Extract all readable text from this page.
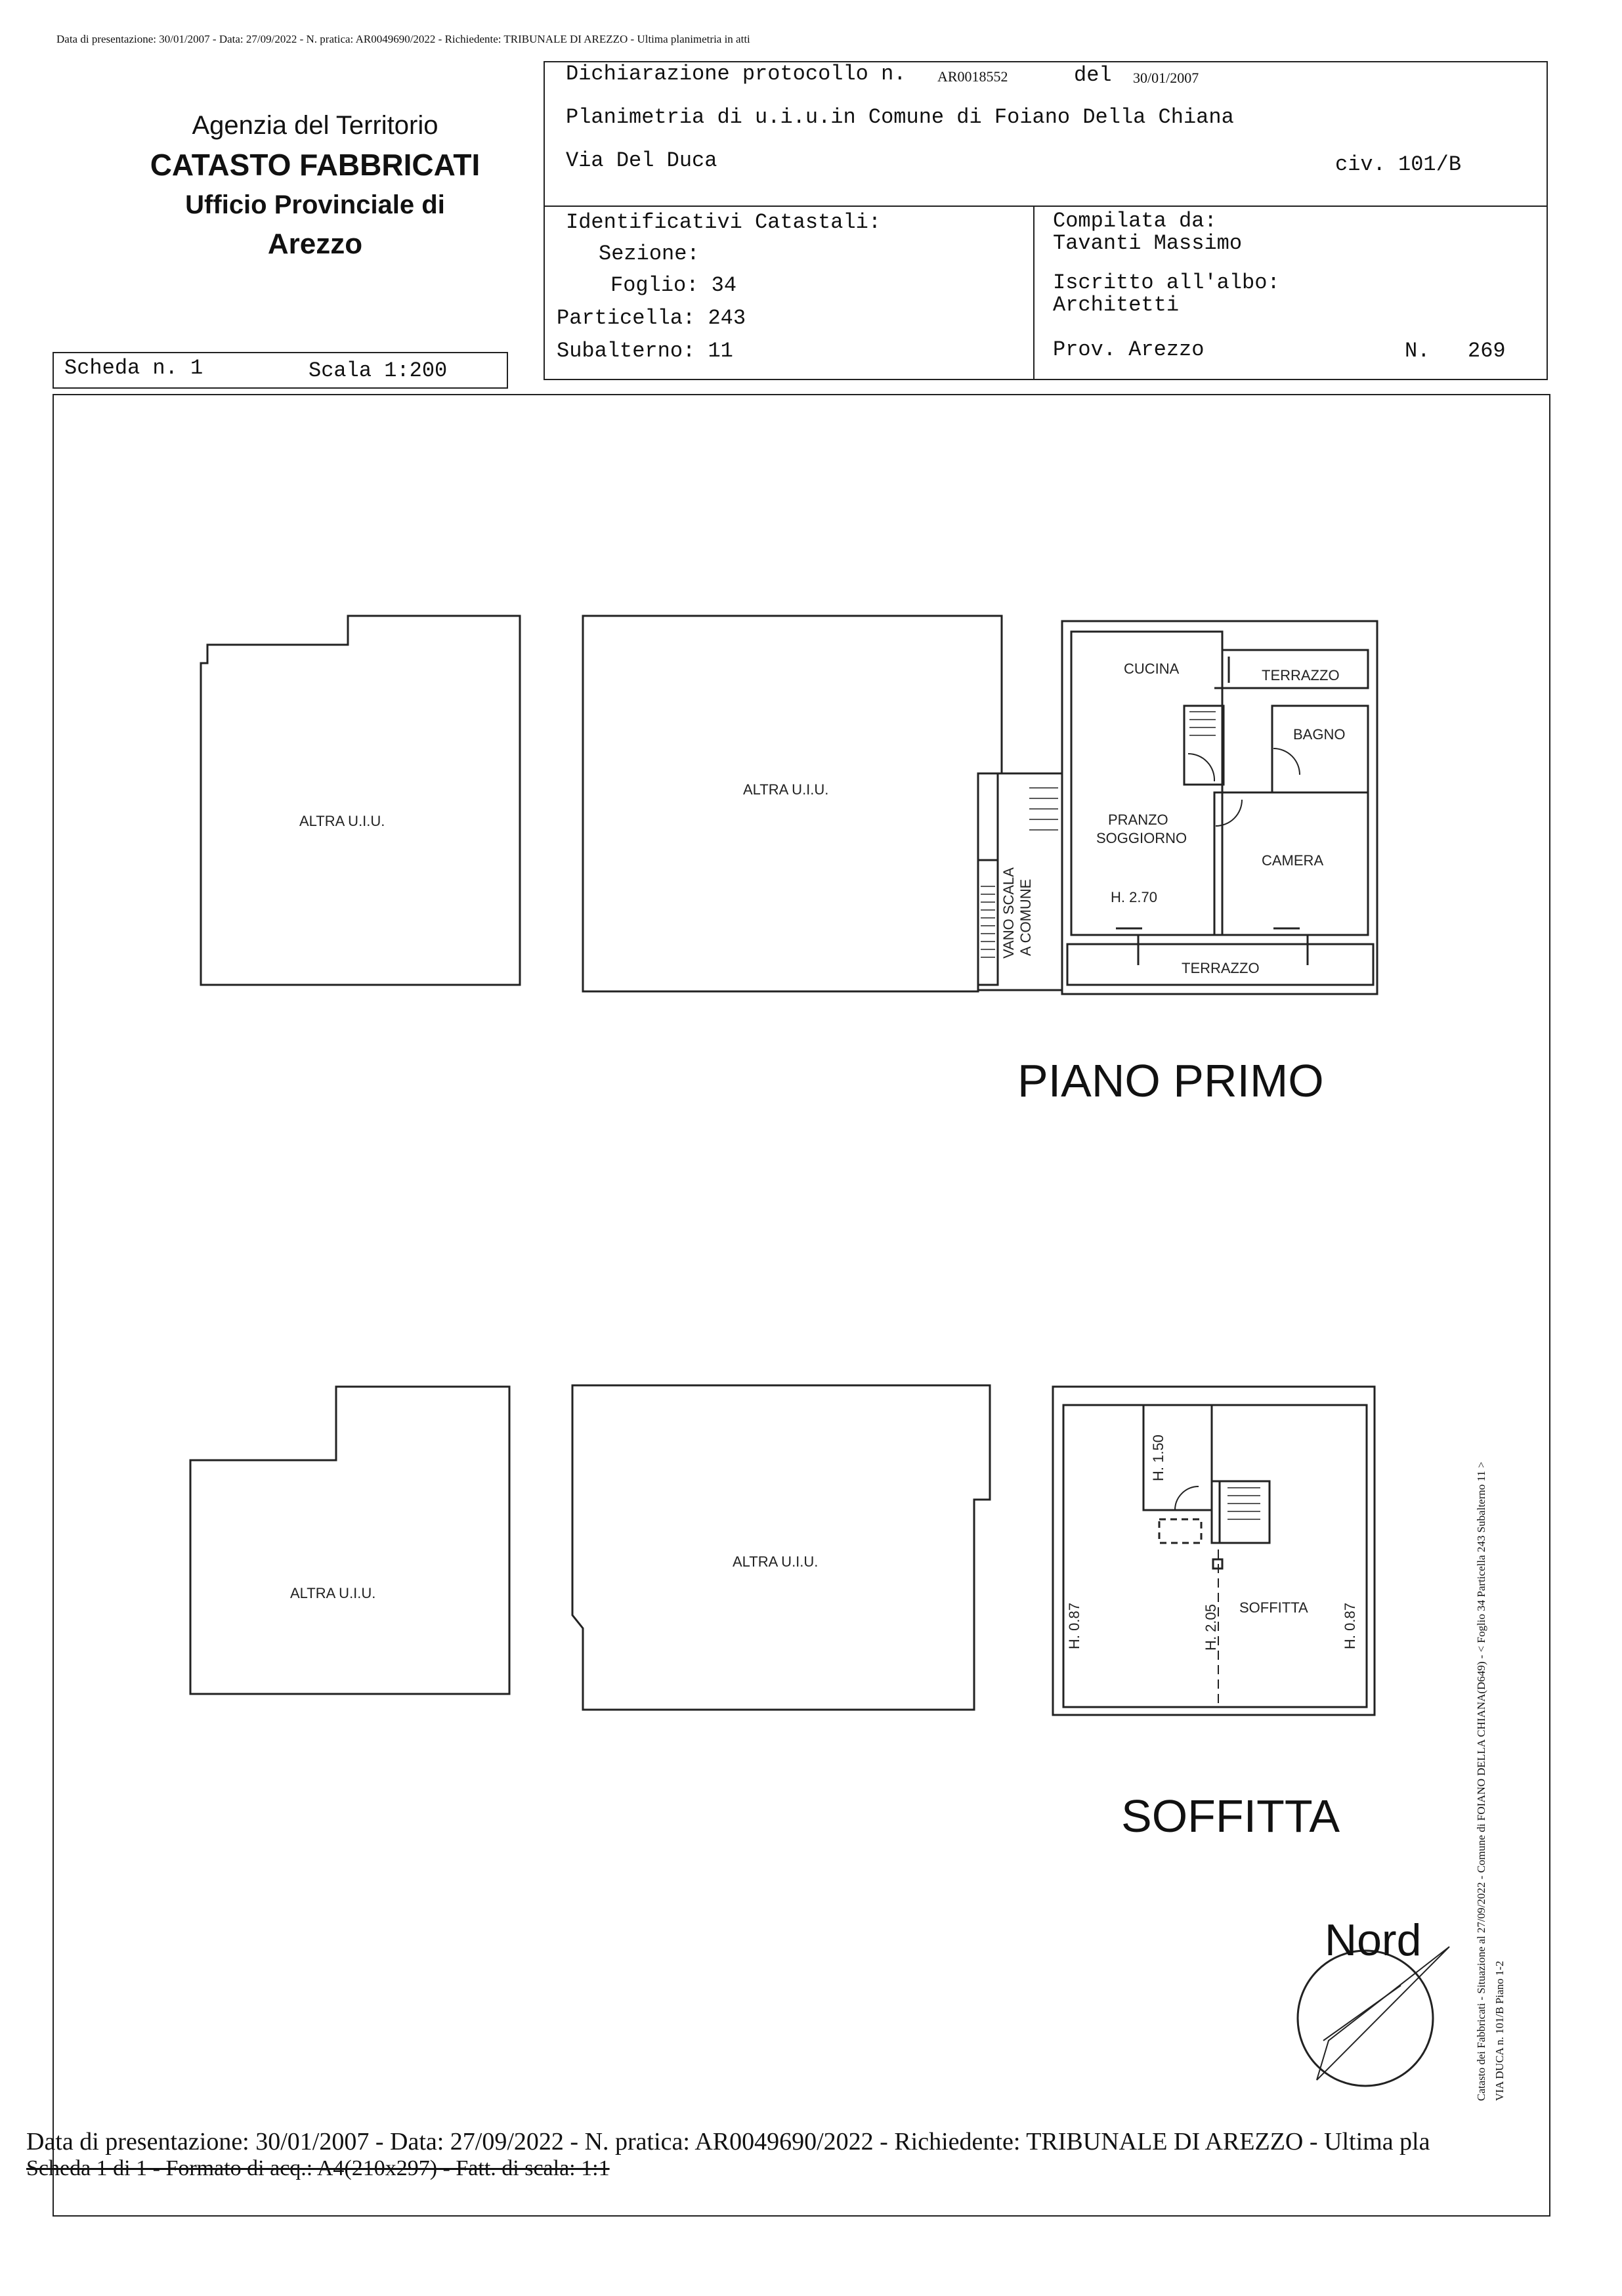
Data di presentazione: 30/01/2007 - Data: 27/09/2022 - N. pratica: AR0049690/2022 - Richiedente: TRIBUNALE DI AREZZO - Ultima planimetria in atti
Agenzia del Territorio
CATASTO FABBRICATI
Ufficio Provinciale di
Arezzo
Dichiarazione protocollo n. AR0018552	del 30/01/2007
Planimetria di u.i.u.in Comune di Foiano Della Chiana
Via Del Duca	civ. 101/B
Identificativi Catastali:
Sezione:
Foglio: 34
Particella: 243
Subalterno: 11
Compilata da:
Tavanti Massimo
Iscritto all'albo:
Architetti
Prov. Arezzo	N. 269
Scheda n. 1	Scala 1:200
ALTRA U.I.U.
ALTRA U.I.U.
CUCINA	TERRAZZO
BAGNO
PRANZO
SOGGIORNO
CAMERA
H. 2.70
TERRAZZO
VANO SCALA A COMUNE
ALTRA U.I.U.
ALTRA U.I.U.
SOFFITTA
H. 1.50
H. 0.87	H. 2.05	H. 0.87
PIANO PRIMO
SOFFITTA
Nord	Catasto dei Fabbricati - Situazione al 27/09/2022 - Comune di FOIANO DELLA CHIANA(D649) - < Foglio 34 Particella 243 Subalterno 11 > VIA DUCA n. 101/B Piano 1-2
Data di presentazione: 30/01/2007 - Data: 27/09/2022 - N. pratica: AR0049690/2022 - Richiedente: TRIBUNALE DI AREZZO - Ultima pla
Scheda 1 di 1 - Formato di acq.: A4(210x297) - Fatt. di scala: 1:1
